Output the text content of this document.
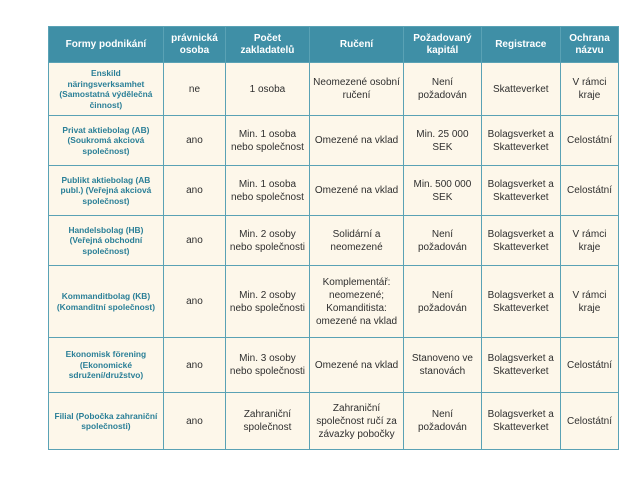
Formy podnikání	právnická osoba	Počet zakladatelů	Ručení	Požadovaný kapitál	Registrace	Ochrana názvu
Enskild näringsverksamhet (Samostatná výdělečná činnost)	ne	1 osoba	Neomezené osobní ručení	Není požadován	Skatteverket	V rámci kraje
Privat aktiebolag (AB) (Soukromá akciová společnost)	ano	Min. 1 osoba nebo společnost	Omezené na vklad	Min. 25 000 SEK	Bolagsverket a Skatteverket	Celostátní
Publikt aktiebolag (AB publ.) (Veřejná akciová společnost)	ano	Min. 1 osoba nebo společnost	Omezené na vklad	Min. 500 000 SEK	Bolagsverket a Skatteverket	Celostátní
Handelsbolag (HB) (Veřejná obchodní společnost)	ano	Min. 2 osoby nebo společnosti	Solidární a neomezené	Není požadován	Bolagsverket a Skatteverket	V rámci kraje
Kommanditbolag (KB) (Komanditní společnost)	ano	Min. 2 osoby nebo společnosti	Komplementář: neomezené; Komanditista: omezené na vklad	Není požadován	Bolagsverket a Skatteverket	V rámci kraje
Ekonomisk förening (Ekonomické sdružení/družstvo)	ano	Min. 3 osoby nebo společnosti	Omezené na vklad	Stanoveno ve stanovách	Bolagsverket a Skatteverket	Celostátní
Filial (Pobočka zahraniční společnosti)	ano	Zahraniční společnost	Zahraniční společnost ručí za závazky pobočky	Není požadován	Bolagsverket a Skatteverket	Celostátní
